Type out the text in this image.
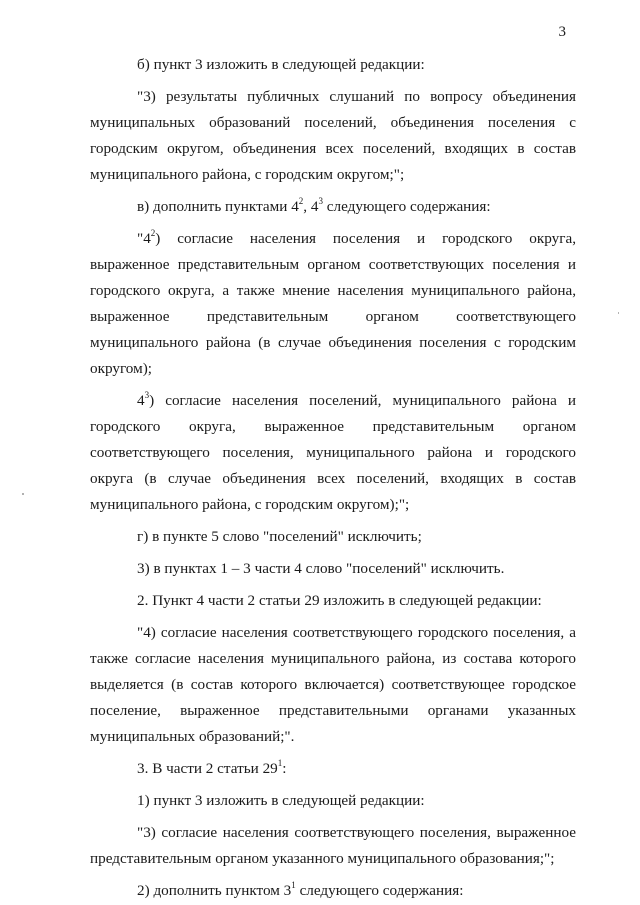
3

б) пункт 3 изложить в следующей редакции:

"3) результаты публичных слушаний по вопросу объединения муниципальных образований поселений, объединения поселения с городским округом, объединения всех поселений, входящих в состав муниципального района, с городским округом;";

в) дополнить пунктами $4^2$, $4^3$ следующего содержания:

"$4^2$) согласие населения поселения и городского округа, выраженное представительным органом соответствующих поселения и городского округа, а также мнение населения муниципального района, выраженное представительным органом соответствующего муниципального района (в случае объединения поселения с городским округом);

$4^3$) согласие населения поселений, муниципального района и городского округа, выраженное представительным органом соответствующего поселения, муниципального района и городского округа (в случае объединения всех поселений, входящих в состав муниципального района, с городским округом);";

г) в пункте 5 слово "поселений" исключить;

3) в пунктах 1 – 3 части 4 слово "поселений" исключить.

2. Пункт 4 части 2 статьи 29 изложить в следующей редакции:

"4) согласие населения соответствующего городского поселения, а также согласие населения муниципального района, из состава которого выделяется (в состав которого включается) соответствующее городское поселение, выраженное представительными органами указанных муниципальных образований;".

3. В части 2 статьи $29^1$:

1) пункт 3 изложить в следующей редакции:

"3) согласие населения соответствующего поселения, выраженное представительным органом указанного муниципального образования;";

2) дополнить пунктом $3^1$ следующего содержания:
